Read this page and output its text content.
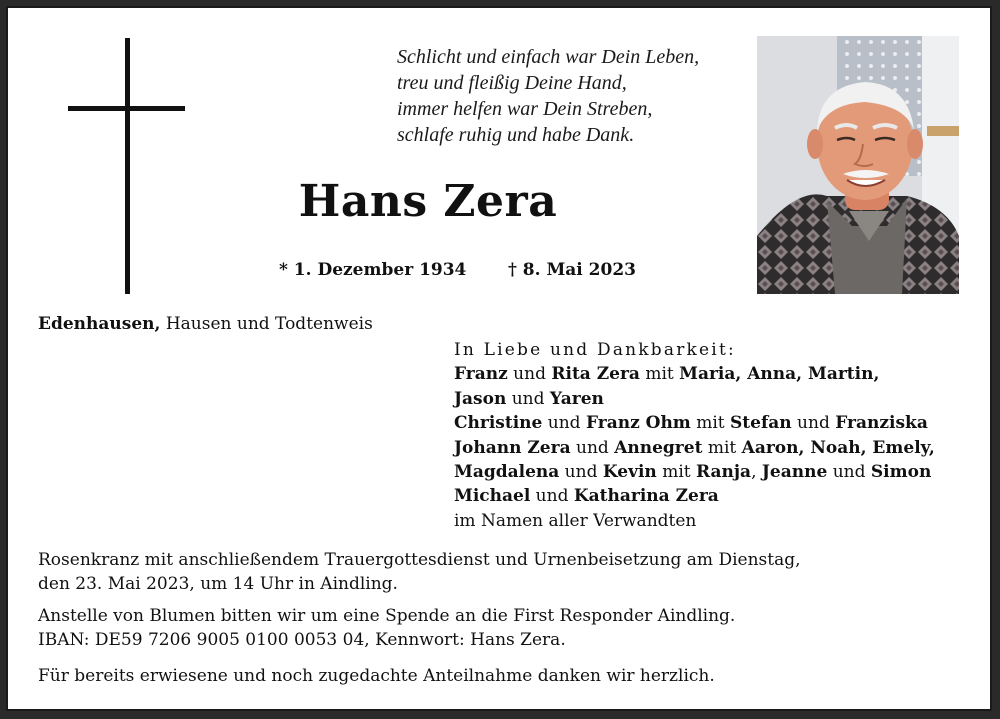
Schlicht und einfach war Dein Leben,
treu und fleißig Deine Hand,
immer helfen war Dein Streben,
schlafe ruhig und habe Dank.
Hans Zera
* 1. Dezember 1934 † 8. Mai 2023
Edenhausen, Hausen und Todtenweis
In Liebe und Dankbarkeit:
Franz und Rita Zera mit Maria, Anna, Martin,
Jason und Yaren
Christine und Franz Ohm mit Stefan und Franziska
Johann Zera und Annegret mit Aaron, Noah, Emely,
Magdalena und Kevin mit Ranja, Jeanne und Simon
Michael und Katharina Zera
im Namen aller Verwandten
Rosenkranz mit anschließendem Trauergottesdienst und Urnenbeisetzung am Dienstag,
den 23. Mai 2023, um 14 Uhr in Aindling.
Anstelle von Blumen bitten wir um eine Spende an die First Responder Aindling.
IBAN: DE59 7206 9005 0100 0053 04, Kennwort: Hans Zera.
Für bereits erwiesene und noch zugedachte Anteilnahme danken wir herzlich.
